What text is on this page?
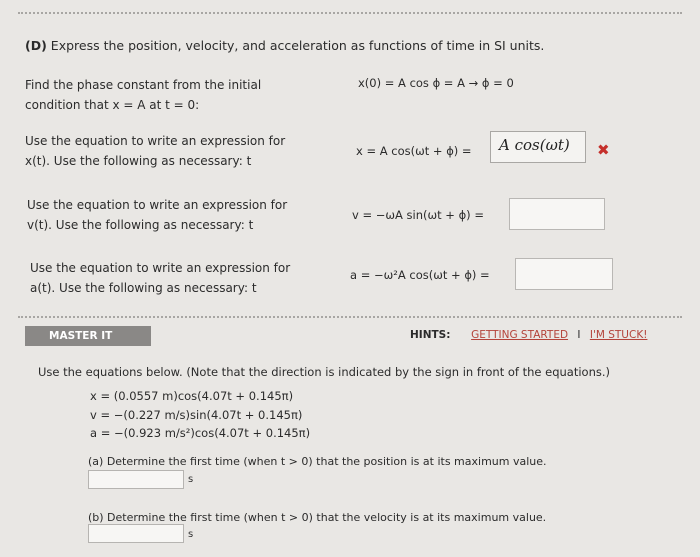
(D) Express the position, velocity, and acceleration as functions of time in SI units.
Find the phase constant from the initial
condition that x = A at t = 0:
x(0) = A cos ϕ = A → ϕ = 0
Use the equation to write an expression for
x(t). Use the following as necessary: t
x = A cos(ωt + ϕ) = A cos(ωt) ✖
Use the equation to write an expression for
v(t). Use the following as necessary: t
v = −ωA sin(ωt + ϕ) =
Use the equation to write an expression for
a(t). Use the following as necessary: t
a = −ω²A cos(ωt + ϕ) =
MASTER IT	HINTS: GETTING STARTED I I'M STUCK!
Use the equations below. (Note that the direction is indicated by the sign in front of the equations.)
x = (0.0557 m)cos(4.07t + 0.145π)
v = −(0.227 m/s)sin(4.07t + 0.145π)
a = −(0.923 m/s²)cos(4.07t + 0.145π)
(a) Determine the first time (when t > 0) that the position is at its maximum value.
s
(b) Determine the first time (when t > 0) that the velocity is at its maximum value.
s
